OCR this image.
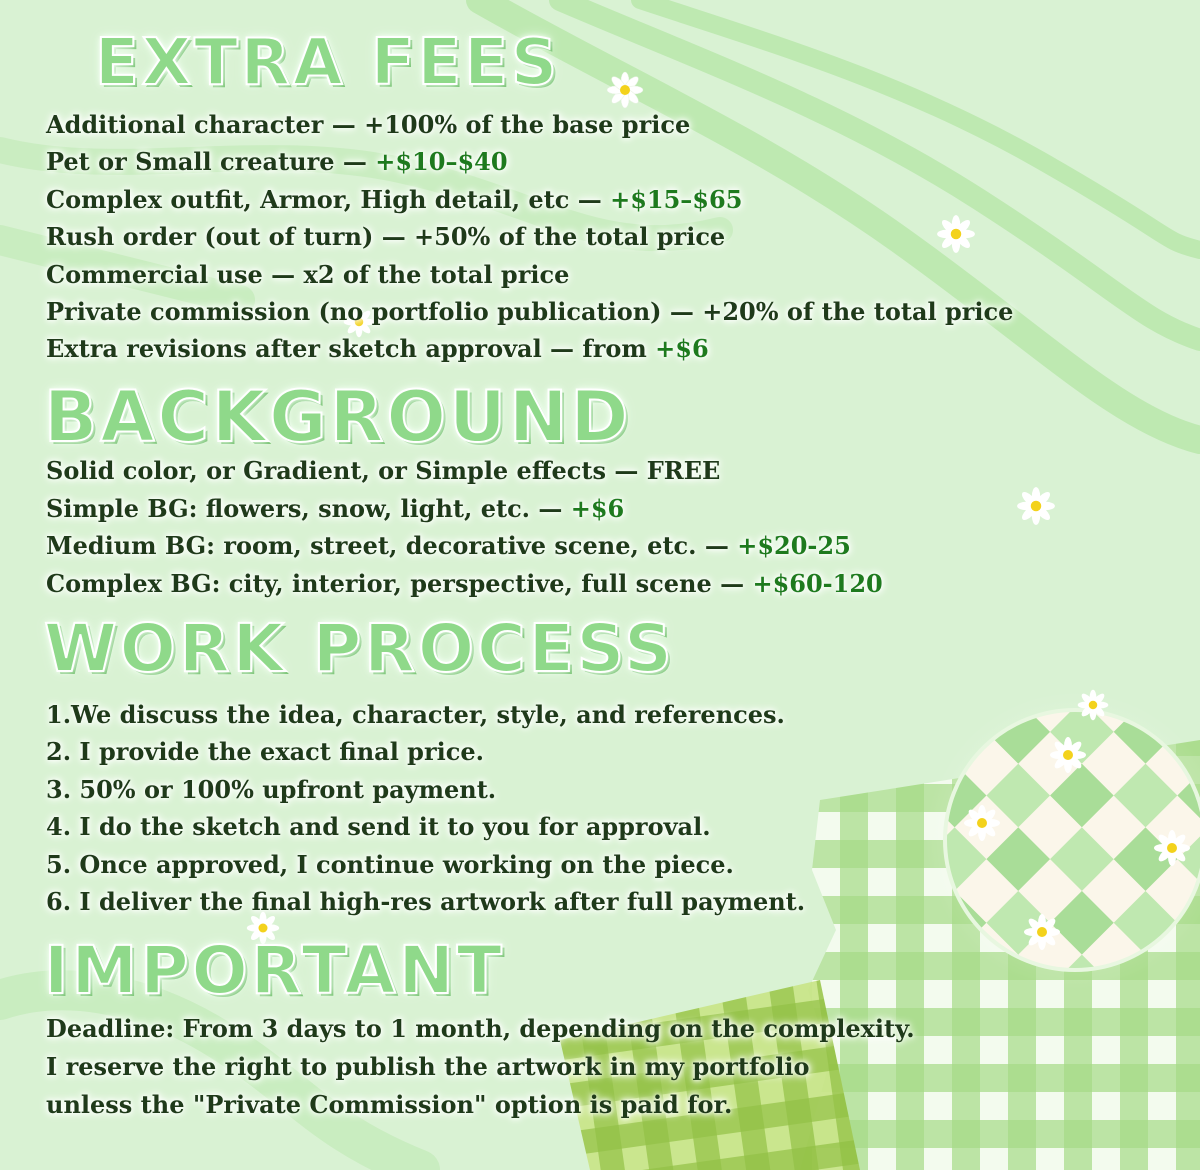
EXTRA FEES
Additional character — +100% of the base price
Pet or Small creature — +$10–$40
Complex outfit, Armor, High detail, etc — +$15–$65
Rush order (out of turn) — +50% of the total price
Commercial use — x2 of the total price
Private commission (no portfolio publication) — +20% of the total price
Extra revisions after sketch approval — from +$6
BACKGROUND
Solid color, or Gradient, or Simple effects — FREE
Simple BG: flowers, snow, light, etc. — +$6
Medium BG: room, street, decorative scene, etc. — +$20-25
Complex BG: city, interior, perspective, full scene — +$60-120
WORK PROCESS
1.We discuss the idea, character, style, and references.
2. I provide the exact final price.
3. 50% or 100% upfront payment.
4. I do the sketch and send it to you for approval.
5. Once approved, I continue working on the piece.
6. I deliver the final high-res artwork after full payment.
IMPORTANT
Deadline: From 3 days to 1 month, depending on the complexity.
I reserve the right to publish the artwork in my portfolio
unless the "Private Commission" option is paid for.
